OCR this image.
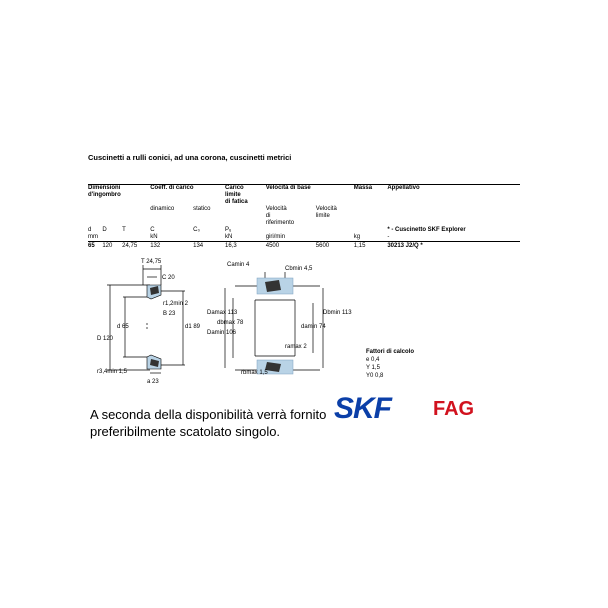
Cuscinetti a rulli conici, ad una corona, cuscinetti metrici
Dimensioni
d'ingombro			Coeff. di carico		Carico
limite
di fatica	Velocità di base		Massa	Appellativo
			dinamico	statico		Velocità
di
riferimento	Velocità
limite		
d	D	T	C	C₀	Pᵤ				* - Cuscinetto SKF Explorer
mm			kN		kN	giri/min		kg	-
65	120	24,75	132	134	16,3	4500	5600	1,15	30213 J2/Q *
T 24,75
C 20
r1,2min 2
B 23
d 65	d1 89
D 120
r3,4min 1,5
a 23
Camin 4
Cbmin 4,5
Damax 113
dbmax 78
Damin 106
Dbmin 113
damin 74
ramax 2
rbmax 1,5
Fattori di calcolo
e 0,4
Y 1,5
Y0 0,8
A seconda della disponibilità verrà fornito
preferibilmente scatolato singolo.
SKF FAG
